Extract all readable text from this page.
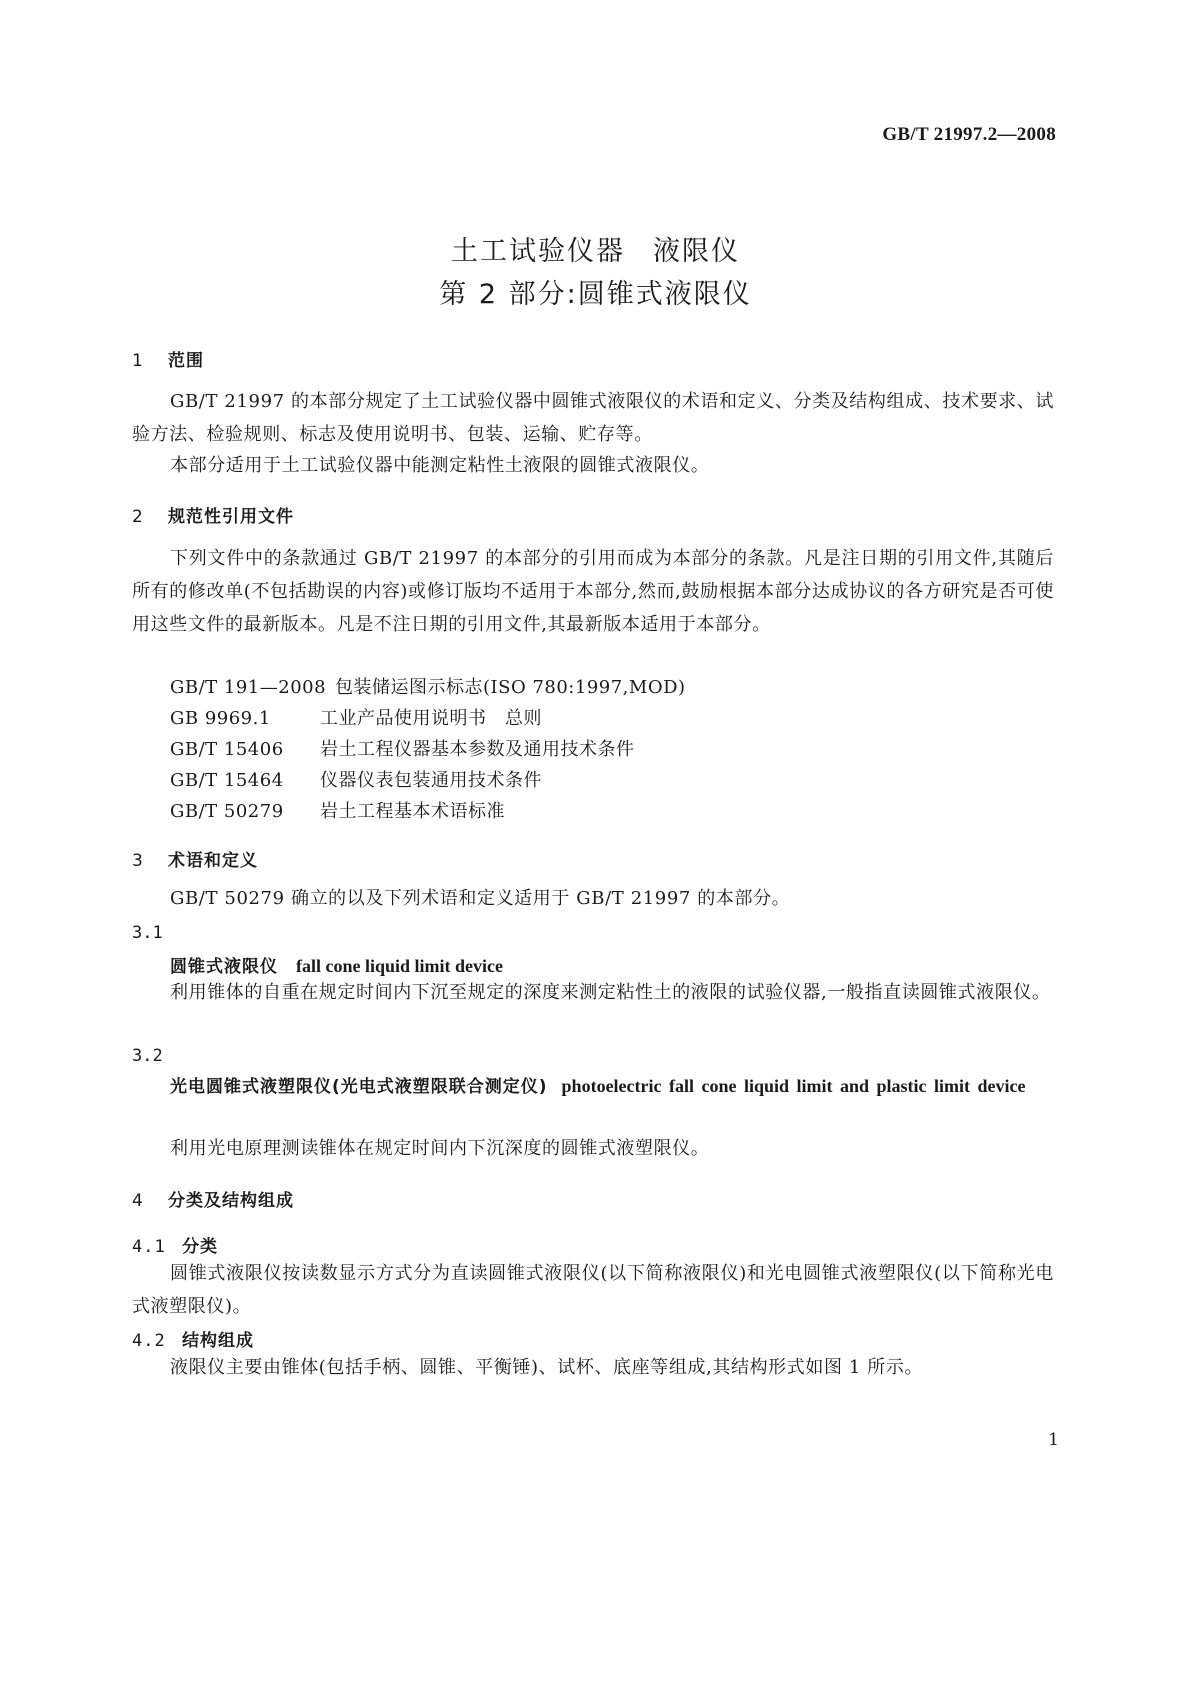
GB/T 21997.2—2008
土工试验仪器 液限仪
第 2 部分:圆锥式液限仪
1 范围
GB/T 21997 的本部分规定了土工试验仪器中圆锥式液限仪的术语和定义、分类及结构组成、技术要求、试验方法、检验规则、标志及使用说明书、包装、运输、贮存等。
本部分适用于土工试验仪器中能测定粘性土液限的圆锥式液限仪。
2 规范性引用文件
下列文件中的条款通过 GB/T 21997 的本部分的引用而成为本部分的条款。凡是注日期的引用文件,其随后所有的修改单(不包括勘误的内容)或修订版均不适用于本部分,然而,鼓励根据本部分达成协议的各方研究是否可使用这些文件的最新版本。凡是不注日期的引用文件,其最新版本适用于本部分。
GB/T 191—2008 包装储运图示标志(ISO 780:1997,MOD)
GB 9969.1	工业产品使用说明书　总则
GB/T 15406 岩土工程仪器基本参数及通用技术条件
GB/T 15464 仪器仪表包装通用技术条件
GB/T 50279 岩土工程基本术语标准
3 术语和定义
GB/T 50279 确立的以及下列术语和定义适用于 GB/T 21997 的本部分。
3.1
圆锥式液限仪 fall cone liquid limit device
利用锥体的自重在规定时间内下沉至规定的深度来测定粘性土的液限的试验仪器,一般指直读圆锥式液限仪。
3.2
光电圆锥式液塑限仪(光电式液塑限联合测定仪) photoelectric fall cone liquid limit and plastic limit device
利用光电原理测读锥体在规定时间内下沉深度的圆锥式液塑限仪。
4 分类及结构组成
4.1 分类
圆锥式液限仪按读数显示方式分为直读圆锥式液限仪(以下简称液限仪)和光电圆锥式液塑限仪(以下简称光电式液塑限仪)。
4.2 结构组成
液限仪主要由锥体(包括手柄、圆锥、平衡锤)、试杯、底座等组成,其结构形式如图 1 所示。
1
